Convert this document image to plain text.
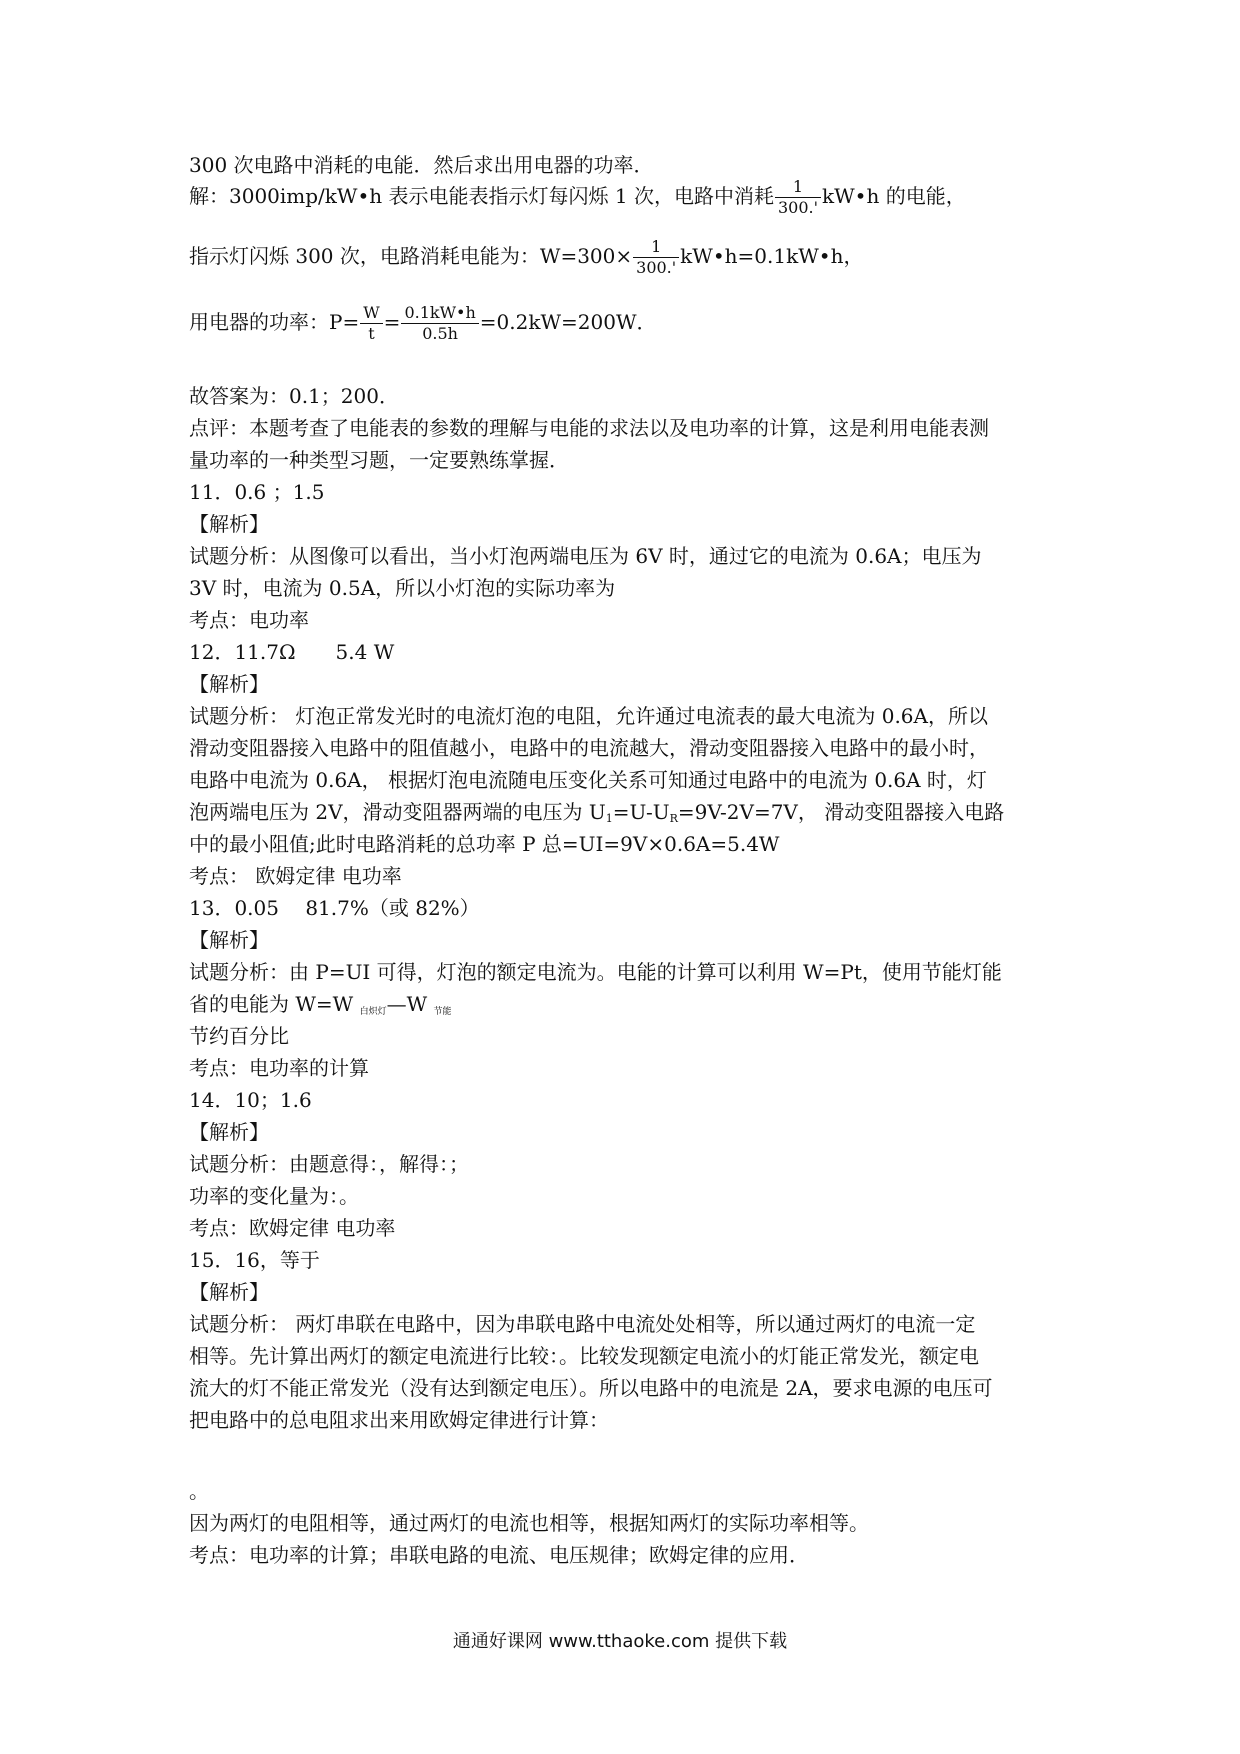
300 次电路中消耗的电能．然后求出用电器的功率．
解：3000imp/kW•h 表示电能表指示灯每闪烁 1 次，电路中消耗 $\frac{1}{300.'}$ kW•h 的电能，
指示灯闪烁 300 次，电路消耗电能为：$W=300\times \frac{1}{300.'}$ kW•h=0.1kW•h，
用电器的功率：$P= \frac{W}{t} = \frac{0.1kW•h}{0.5h} =0.2kW=200W$．
故答案为：0.1；200．
点评：本题考查了电能表的参数的理解与电能的求法以及电功率的计算，这是利用电能表测
量功率的一种类型习题，一定要熟练掌握．
11．0.6 ；1.5
【解析】
试题分析：从图像可以看出，当小灯泡两端电压为 6V 时，通过它的电流为 0.6A；电压为
3V 时，电流为 0.5A，所以小灯泡的实际功率为
考点：电功率
12．11.7Ω　　5.4 W
【解析】
试题分析： 灯泡正常发光时的电流灯泡的电阻，允许通过电流表的最大电流为 0.6A，所以
滑动变阻器接入电路中的阻值越小，电路中的电流越大，滑动变阻器接入电路中的最小时，
电路中电流为 0.6A， 根据灯泡电流随电压变化关系可知通过电路中的电流为 0.6A 时，灯
泡两端电压为 2V，滑动变阻器两端的电压为 $U_1=U-U_R=9V-2V=7V$， 滑动变阻器接入电路
中的最小阻值;此时电路消耗的总功率 P 总=UI=9V×0.6A=5.4W
考点： 欧姆定律 电功率
13．0.05　 81.7%（或 82%）
【解析】
试题分析：由 P=UI 可得，灯泡的额定电流为。电能的计算可以利用 W=Pt，使用节能灯能
省的电能为 W=W 白炽灯—W 节能
节约百分比
考点：电功率的计算
14．10；1.6
【解析】
试题分析：由题意得：，解得：；
功率的变化量为：。
考点：欧姆定律 电功率
15．16，等于
【解析】
试题分析： 两灯串联在电路中，因为串联电路中电流处处相等，所以通过两灯的电流一定
相等。先计算出两灯的额定电流进行比较：。比较发现额定电流小的灯能正常发光，额定电
流大的灯不能正常发光（没有达到额定电压）。所以电路中的电流是 2A，要求电源的电压可
把电路中的总电阻求出来用欧姆定律进行计算：
。
因为两灯的电阻相等，通过两灯的电流也相等，根据知两灯的实际功率相等。
考点：电功率的计算；串联电路的电流、电压规律；欧姆定律的应用．
通通好课网 www.tthaoke.com 提供下载
